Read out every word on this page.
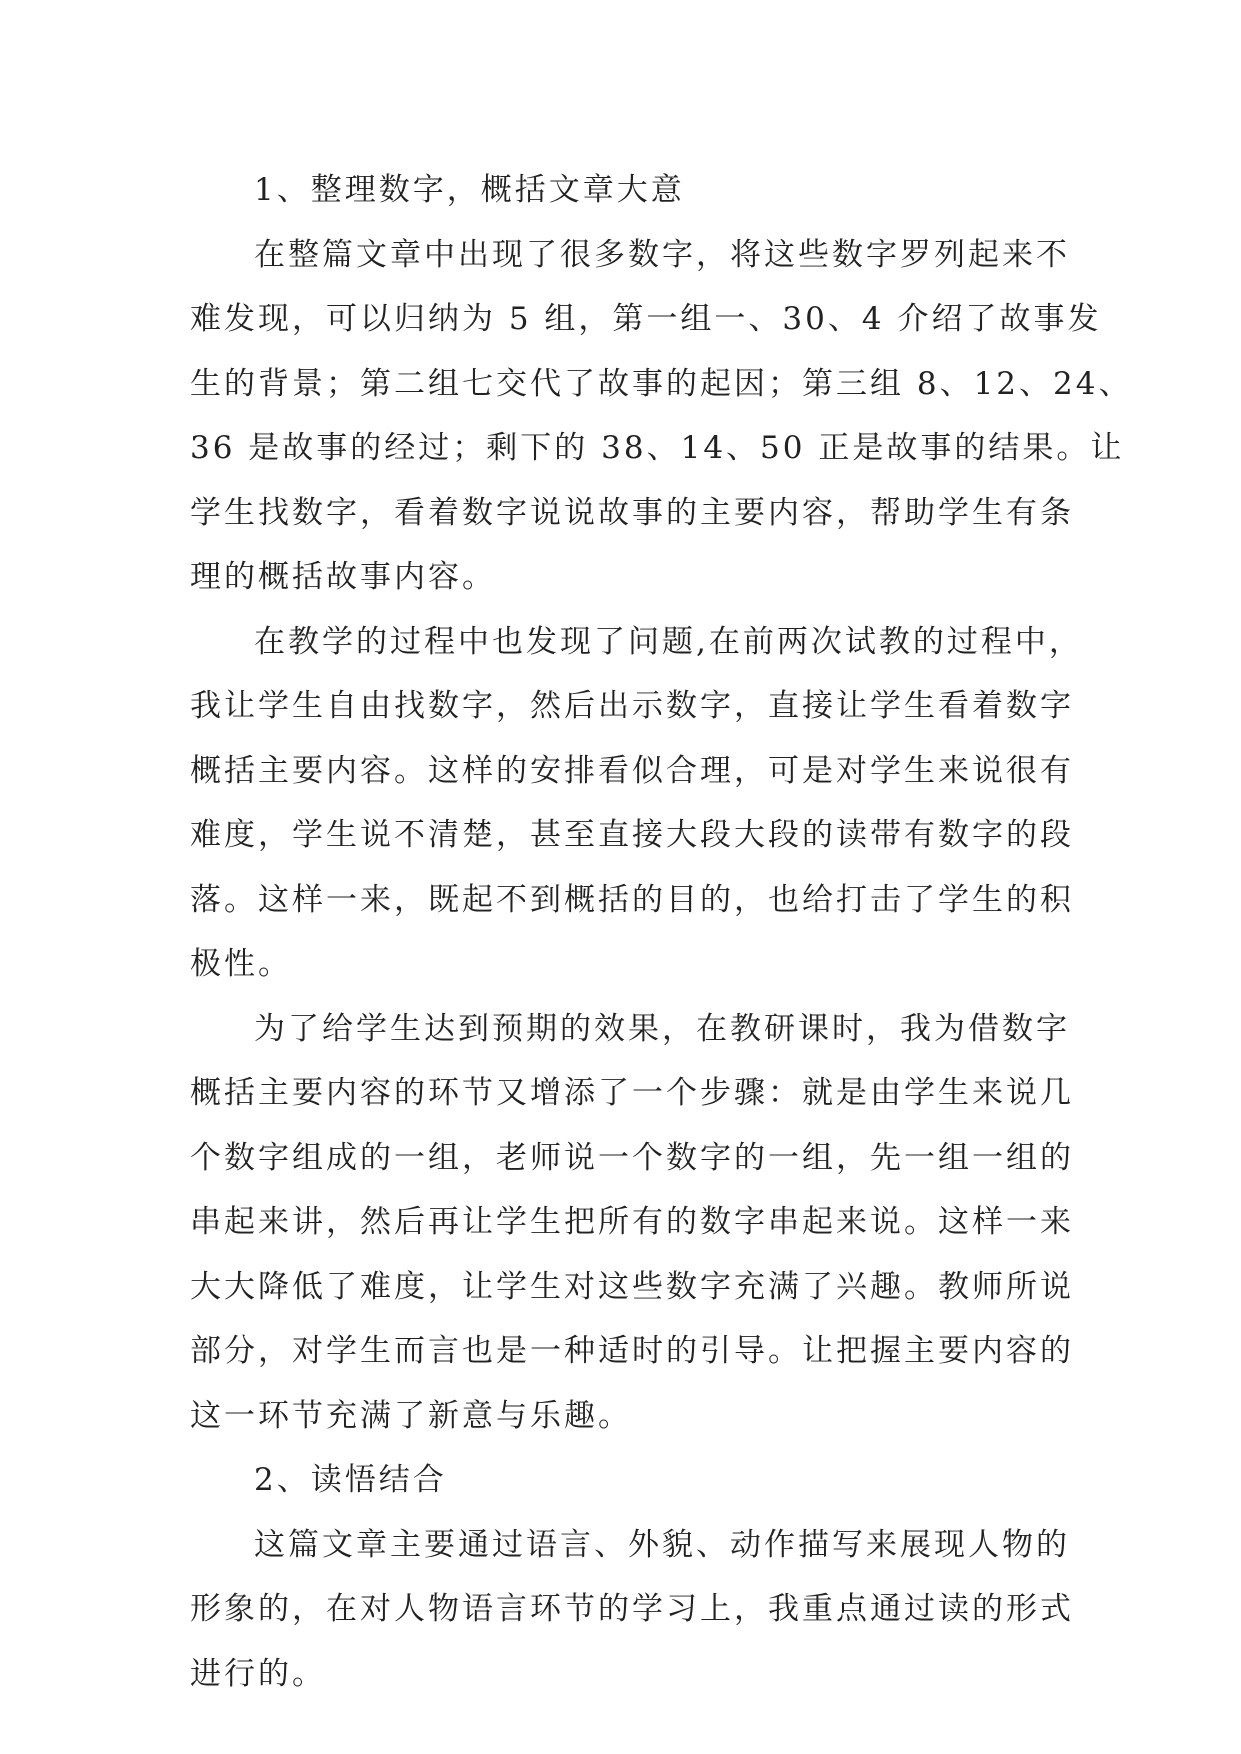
1、整理数字，概括文章大意

在整篇文章中出现了很多数字，将这些数字罗列起来不
难发现，可以归纳为 5 组，第一组一、30、4 介绍了故事发
生的背景；第二组七交代了故事的起因；第三组 8、12、24、
36 是故事的经过；剩下的 38、14、50 正是故事的结果。让
学生找数字，看着数字说说故事的主要内容，帮助学生有条
理的概括故事内容。

在教学的过程中也发现了问题,在前两次试教的过程中，
我让学生自由找数字，然后出示数字，直接让学生看着数字
概括主要内容。这样的安排看似合理，可是对学生来说很有
难度，学生说不清楚，甚至直接大段大段的读带有数字的段
落。这样一来，既起不到概括的目的，也给打击了学生的积
极性。

为了给学生达到预期的效果，在教研课时，我为借数字
概括主要内容的环节又增添了一个步骤：就是由学生来说几
个数字组成的一组，老师说一个数字的一组，先一组一组的
串起来讲，然后再让学生把所有的数字串起来说。这样一来
大大降低了难度，让学生对这些数字充满了兴趣。教师所说
部分，对学生而言也是一种适时的引导。让把握主要内容的
这一环节充满了新意与乐趣。

2、读悟结合

这篇文章主要通过语言、外貌、动作描写来展现人物的
形象的，在对人物语言环节的学习上，我重点通过读的形式
进行的。
